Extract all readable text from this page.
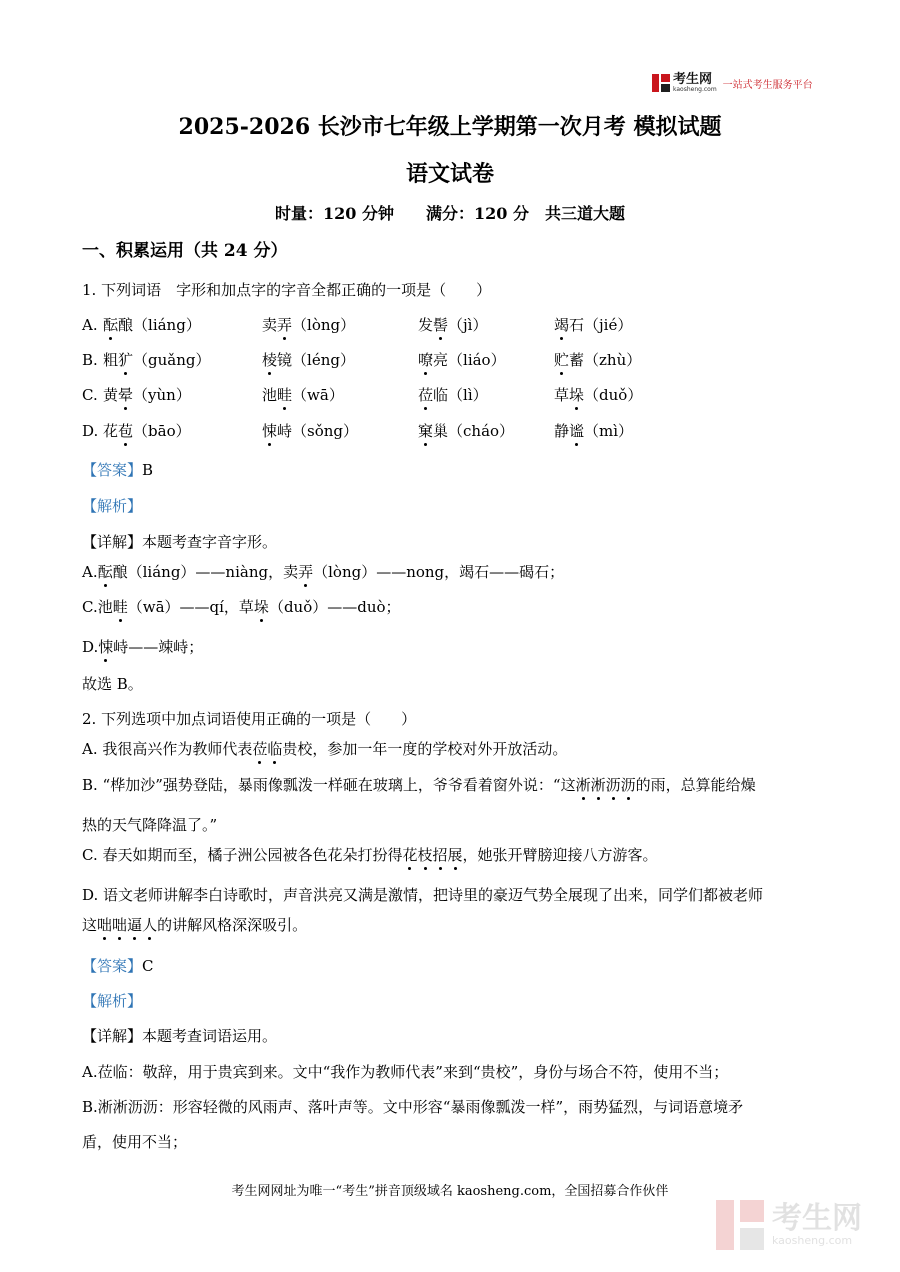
考生网
kaosheng.com 一站式考生服务平台
2025-2026 长沙市七年级上学期第一次月考 模拟试题
语文试卷
时量：120 分钟　　满分：120 分　共三道大题
一、积累运用（共 24 分）
1. 下列词语　字形和加点字的字音全都正确的一项是（　　）
A. 酝酿（liáng）	卖弄（lòng）	发髻（jì）	竭石（jié）
B. 粗犷（guǎng）	棱镜（léng）	嘹亮（liáo）	贮蓄（zhù）
C. 黄晕（yùn）	池畦（wā）	莅临（lì）	草垛（duǒ）
D. 花苞（bāo）	悚峙（sǒng）	窠巢（cháo）	静谧（mì）
【答案】B
【解析】
【详解】本题考查字音字形。
A.酝酿（liáng）——niàng，卖弄（lòng）——nong，竭石——碣石；
C.池畦（wā）——qí，草垛（duǒ）——duò；
D.悚峙——竦峙；
故选 B。
2. 下列选项中加点词语使用正确的一项是（　　）
A. 我很高兴作为教师代表莅临贵校，参加一年一度的学校对外开放活动。
B. “桦加沙”强势登陆，暴雨像瓢泼一样砸在玻璃上，爷爷看着窗外说：“这淅淅沥沥的雨，总算能给燥
热的天气降降温了。”
C. 春天如期而至，橘子洲公园被各色花朵打扮得花枝招展，她张开臂膀迎接八方游客。
D. 语文老师讲解李白诗歌时，声音洪亮又满是激情，把诗里的豪迈气势全展现了出来，同学们都被老师
这咄咄逼人的讲解风格深深吸引。
【答案】C
【解析】
【详解】本题考查词语运用。
A.莅临：敬辞，用于贵宾到来。文中“我作为教师代表”来到“贵校”，身份与场合不符，使用不当；
B.淅淅沥沥：形容轻微的风雨声、落叶声等。文中形容“暴雨像瓢泼一样”，雨势猛烈，与词语意境矛
盾，使用不当；
考生网网址为唯一“考生”拼音顶级域名 kaosheng.com，全国招募合作伙伴
考生网
kaosheng.com
